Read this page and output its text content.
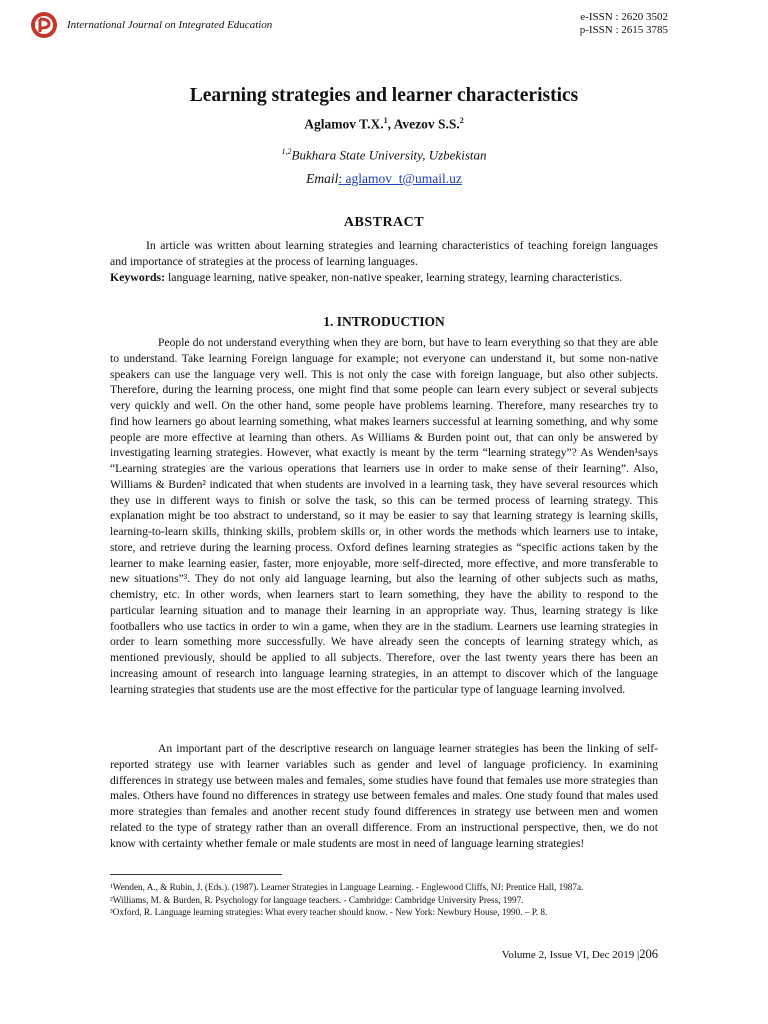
International Journal on Integrated Education
e-ISSN : 2620 3502
p-ISSN : 2615 3785
Learning strategies and learner characteristics
Aglamov T.X.$^1$, Avezov S.S.$^2$
$^{1,2}$Bukhara State University, Uzbekistan
Email: aglamov_t@umail.uz
ABSTRACT

In article was written about learning strategies and learning characteristics of teaching foreign languages and importance of strategies at the process of learning languages.

Keywords: language learning, native speaker, non-native speaker, learning strategy, learning characteristics.

1. INTRODUCTION

People do not understand everything when they are born, but have to learn everything so that they are able to understand. Take learning Foreign language for example; not everyone can understand it, but some non-native speakers can use the language very well. This is not only the case with foreign language, but also other subjects. Therefore, during the learning process, one might find that some people can learn every subject or several subjects very quickly and well. On the other hand, some people have problems learning. Therefore, many researches try to find how learners go about learning something, what makes learners successful at learning something, and why some people are more effective at learning than others. As Williams & Burden point out, that can only be answered by investigating learning strategies. However, what exactly is meant by the term “learning strategy”? As Wenden¹says “Learning strategies are the various operations that learners use in order to make sense of their learning”. Also, Williams & Burden² indicated that when students are involved in a learning task, they have several resources which they use in different ways to finish or solve the task, so this can be termed process of learning strategy. This explanation might be too abstract to understand, so it may be easier to say that learning strategy is learning skills, learning-to-learn skills, thinking skills, problem skills or, in other words the methods which learners use to intake, store, and retrieve during the learning process. Oxford defines learning strategies as “specific actions taken by the learner to make learning easier, faster, more enjoyable, more self-directed, more effective, and more transferable to new situations”³. They do not only aid language learning, but also the learning of other subjects such as maths, chemistry, etc. In other words, when learners start to learn something, they have the ability to respond to the particular learning situation and to manage their learning in an appropriate way. Thus, learning strategy is like footballers who use tactics in order to win a game, when they are in the stadium. Learners use learning strategies in order to learn something more successfully. We have already seen the concepts of learning strategy which, as mentioned previously, should be applied to all subjects. Therefore, over the last twenty years there has been an increasing amount of research into language learning strategies, in an attempt to discover which of the language learning strategies that students use are the most effective for the particular type of language learning involved.

An important part of the descriptive research on language learner strategies has been the linking of self-reported strategy use with learner variables such as gender and level of language proficiency. In examining differences in strategy use between males and females, some studies have found that females use more strategies than males. Others have found no differences in strategy use between females and males. One study found that males used more strategies than females and another recent study found differences in strategy use between men and women related to the type of strategy rather than an overall difference. From an instructional perspective, then, we do not know with certainty whether female or male students are most in need of language learning strategies!

¹Wenden, A., & Rubin, J. (Eds.). (1987). Learner Strategies in Language Learning. - Englewood Cliffs, NJ: Prentice Hall, 1987a.
²Williams, M. & Burden, R. Psychology for language teachers. - Cambridge: Cambridge University Press, 1997.
³Oxford, R. Language learning strategies: What every teacher should know. - New York: Newbury House, 1990. – P. 8.
Volume 2, Issue VI, Dec 2019 |206
